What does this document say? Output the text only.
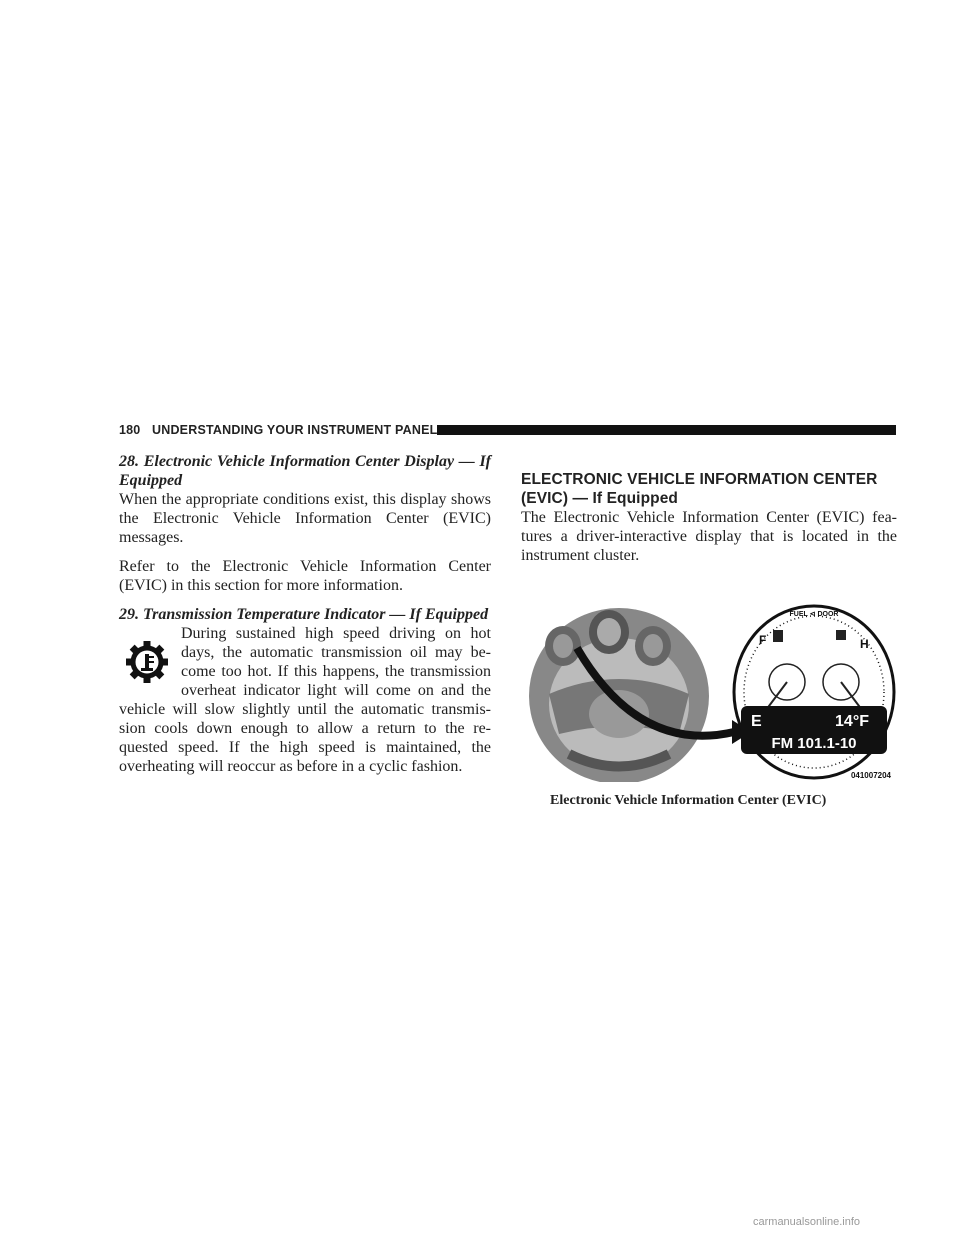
180 UNDERSTANDING YOUR INSTRUMENT PANEL

28. Electronic Vehicle Information Center Display — If Equipped

When the appropriate conditions exist, this display shows the Electronic Vehicle Information Center (EVIC) messages.

Refer to the Electronic Vehicle Information Center (EVIC) in this section for more information.

29. Transmission Temperature Indicator — If Equipped

During sustained high speed driving on hot days, the automatic transmission oil may be- come too hot. If this happens, the transmission overheat indicator light will come on and the vehicle will slow slightly until the automatic transmis- sion cools down enough to allow a return to the re- quested speed. If the high speed is maintained, the overheating will reoccur as before in a cyclic fashion.

ELECTRONIC VEHICLE INFORMATION CENTER (EVIC) — If Equipped

The Electronic Vehicle Information Center (EVIC) fea- tures a driver-interactive display that is located in the instrument cluster.

FUEL ⊲ DOOR
F	H
E	14°F
FM 101.1-10
041007204
Electronic Vehicle Information Center (EVIC)
carmanualsonline.info
